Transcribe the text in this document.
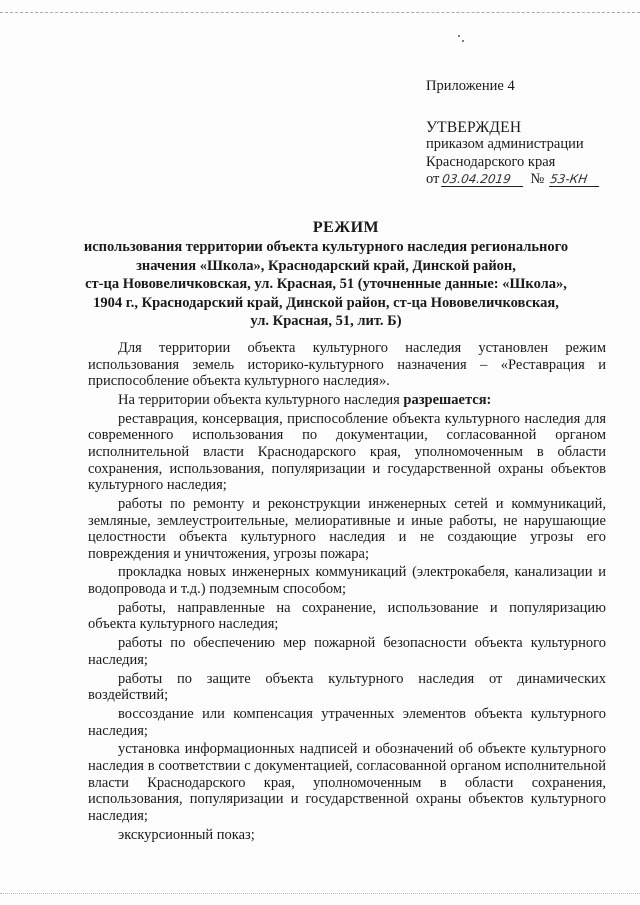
Приложение 4
УТВЕРЖДЕН
приказом администрации
Краснодарского края
от 03.04.2019 № 53-КН
РЕЖИМ
использования территории объекта культурного наследия регионального
значения «Школа», Краснодарский край, Динской район,
ст-ца Нововеличковская, ул. Красная, 51 (уточненные данные: «Школа»,
1904 г., Краснодарский край, Динской район, ст-ца Нововеличковская,
ул. Красная, 51, лит. Б)

Для территории объекта культурного наследия установлен режим использования земель историко-культурного назначения – «Реставрация и приспособление объекта культурного наследия».

На территории объекта культурного наследия разрешается:

реставрация, консервация, приспособление объекта культурного наследия для современного использования по документации, согласованной органом исполнительной власти Краснодарского края, уполномоченным в области сохранения, использования, популяризации и государственной охраны объектов культурного наследия;

работы по ремонту и реконструкции инженерных сетей и коммуникаций, земляные, землеустроительные, мелиоративные и иные работы, не нарушающие целостности объекта культурного наследия и не создающие угрозы его повреждения и уничтожения, угрозы пожара;

прокладка новых инженерных коммуникаций (электрокабеля, канализации и водопровода и т.д.) подземным способом;

работы, направленные на сохранение, использование и популяризацию объекта культурного наследия;

работы по обеспечению мер пожарной безопасности объекта культурного наследия;

работы по защите объекта культурного наследия от динамических воздействий;

воссоздание или компенсация утраченных элементов объекта культурного наследия;

установка информационных надписей и обозначений об объекте культурного наследия в соответствии с документацией, согласованной органом исполнительной власти Краснодарского края, уполномоченным в области сохранения, использования, популяризации и государственной охраны объектов культурного наследия;

экскурсионный показ;
